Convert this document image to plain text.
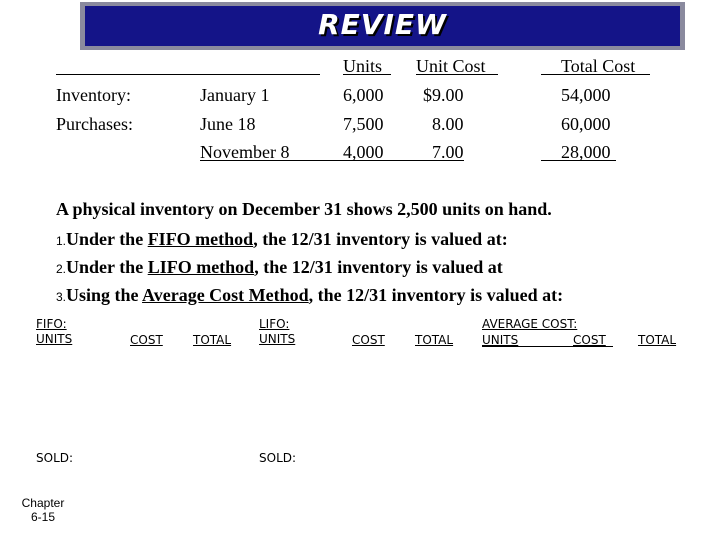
REVIEW
Units Unit Cost	Total Cost
Inventory:	January 1	6,000 $9.00	54,000
Purchases:	June 18	7,500	8.00	60,000
November 8	4,000	7.00	28,000
A physical inventory on December 31 shows 2,500 units on hand.
1.Under the FIFO method, the 12/31 inventory is valued at:
2.Under the LIFO method, the 12/31 inventory is valued at
3.Using the Average Cost Method, the 12/31 inventory is valued at:
FIFO:
UNITS	COST	TOTAL
SOLD:
LIFO:
UNITS	COST	TOTAL
SOLD:
AVERAGE COST:
UNITS	COST	TOTAL
Chapter
6-15
